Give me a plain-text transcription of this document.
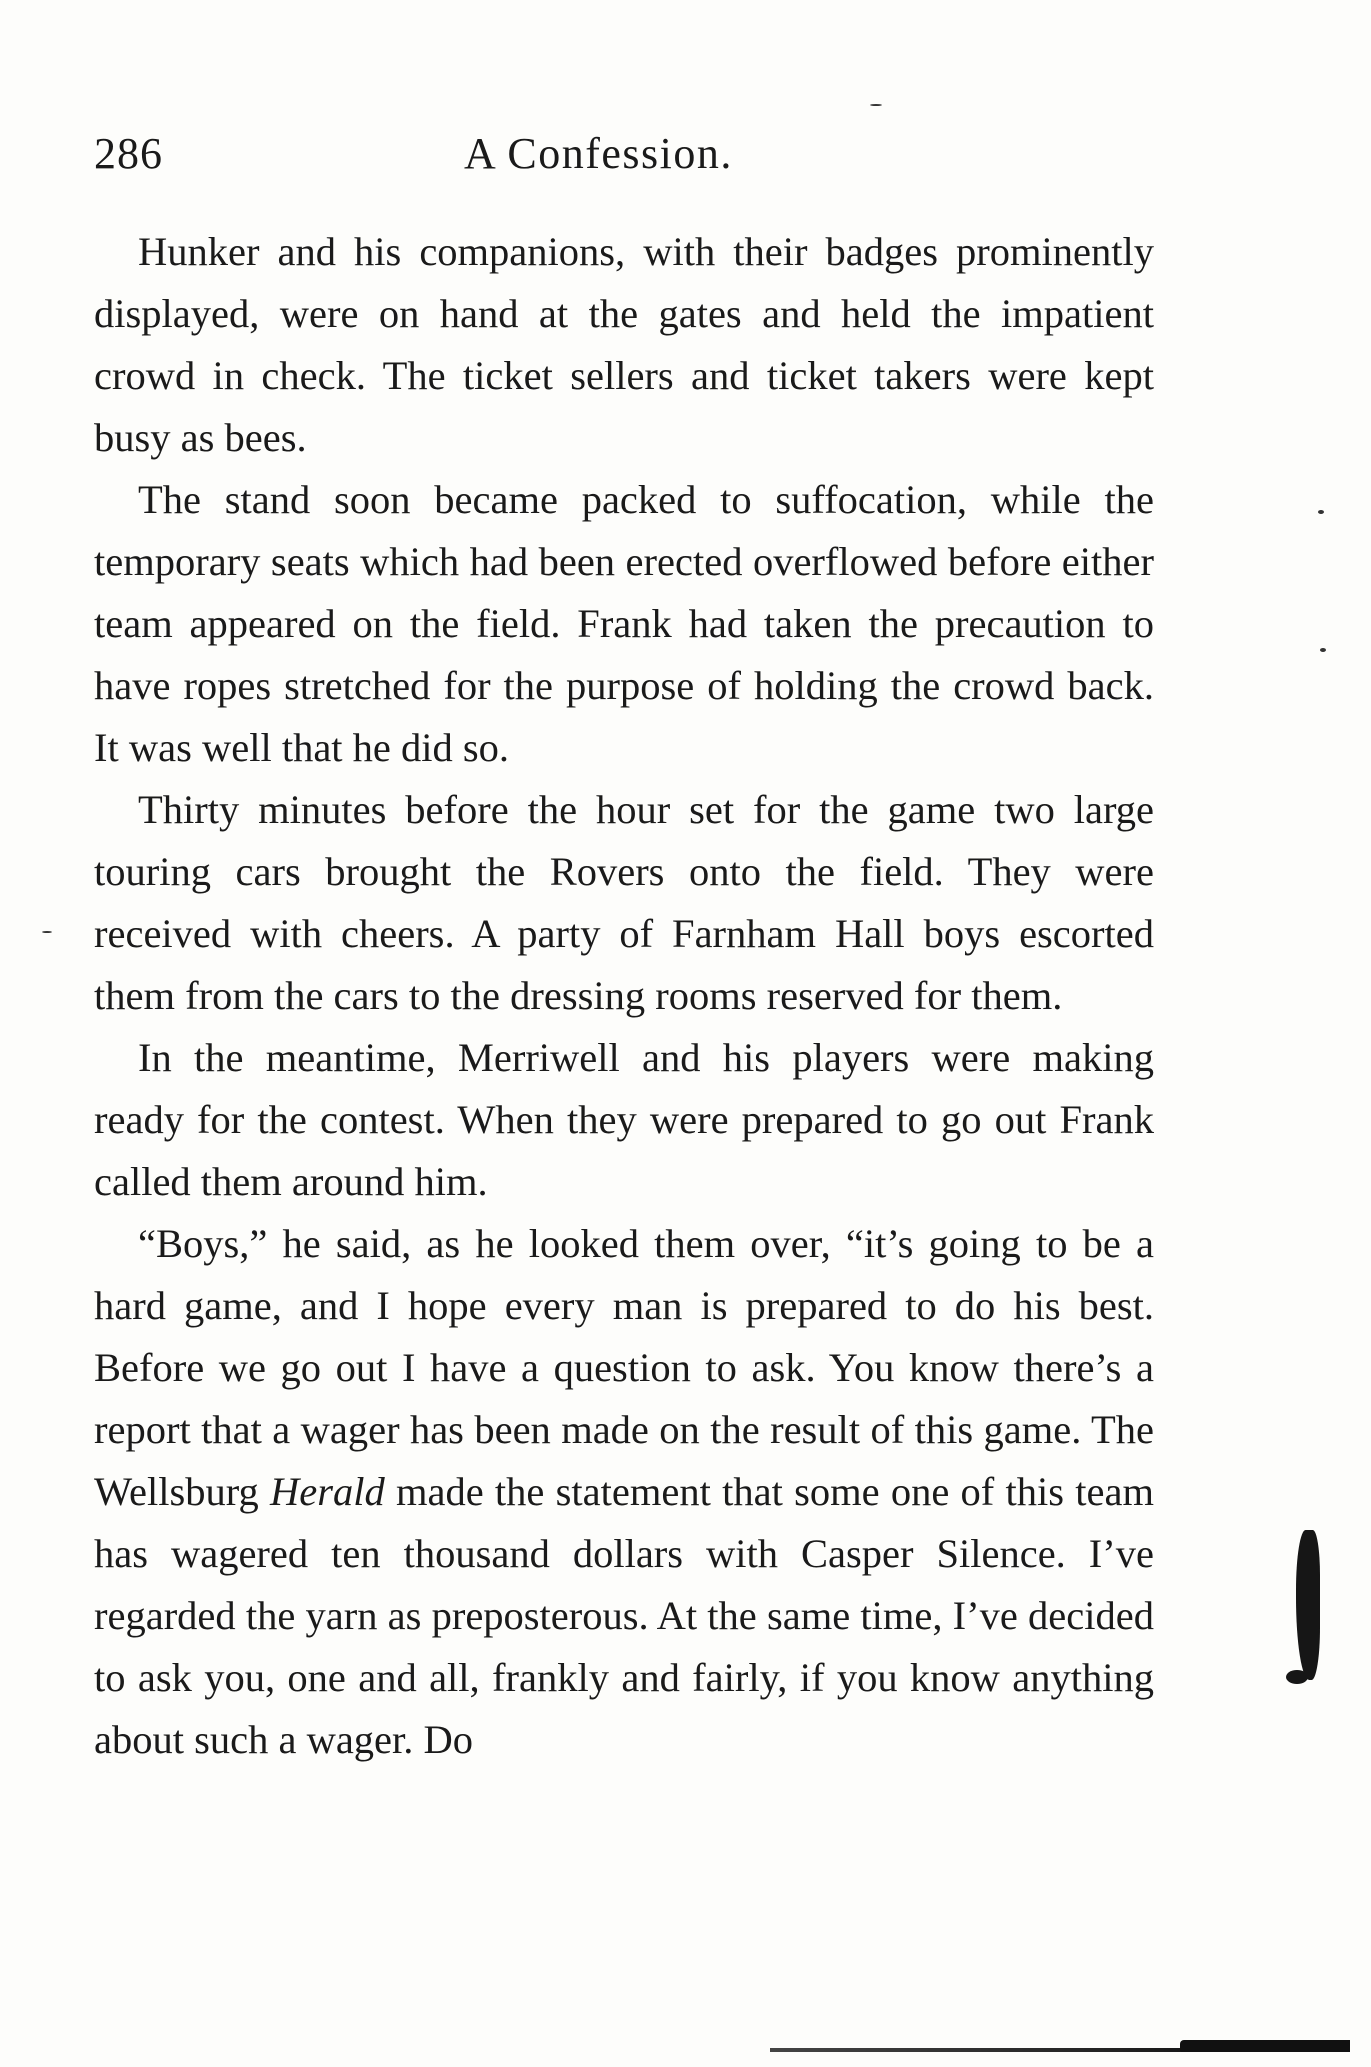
286	A Confession.

Hunker and his companions, with their badges prominently displayed, were on hand at the gates and held the impatient crowd in check. The ticket sellers and ticket takers were kept busy as bees.

The stand soon became packed to suffocation, while the temporary seats which had been erected overflowed before either team appeared on the field. Frank had taken the precaution to have ropes stretched for the purpose of holding the crowd back. It was well that he did so.

Thirty minutes before the hour set for the game two large touring cars brought the Rovers onto the field. They were received with cheers. A party of Farnham Hall boys escorted them from the cars to the dressing rooms reserved for them.

In the meantime, Merriwell and his players were making ready for the contest. When they were prepared to go out Frank called them around him.

“Boys,” he said, as he looked them over, “it’s going to be a hard game, and I hope every man is prepared to do his best. Before we go out I have a question to ask. You know there’s a report that a wager has been made on the result of this game. The Wellsburg Herald made the statement that some one of this team has wagered ten thousand dollars with Casper Silence. I’ve regarded the yarn as preposterous. At the same time, I’ve decided to ask you, one and all, frankly and fairly, if you know anything about such a wager. Do
